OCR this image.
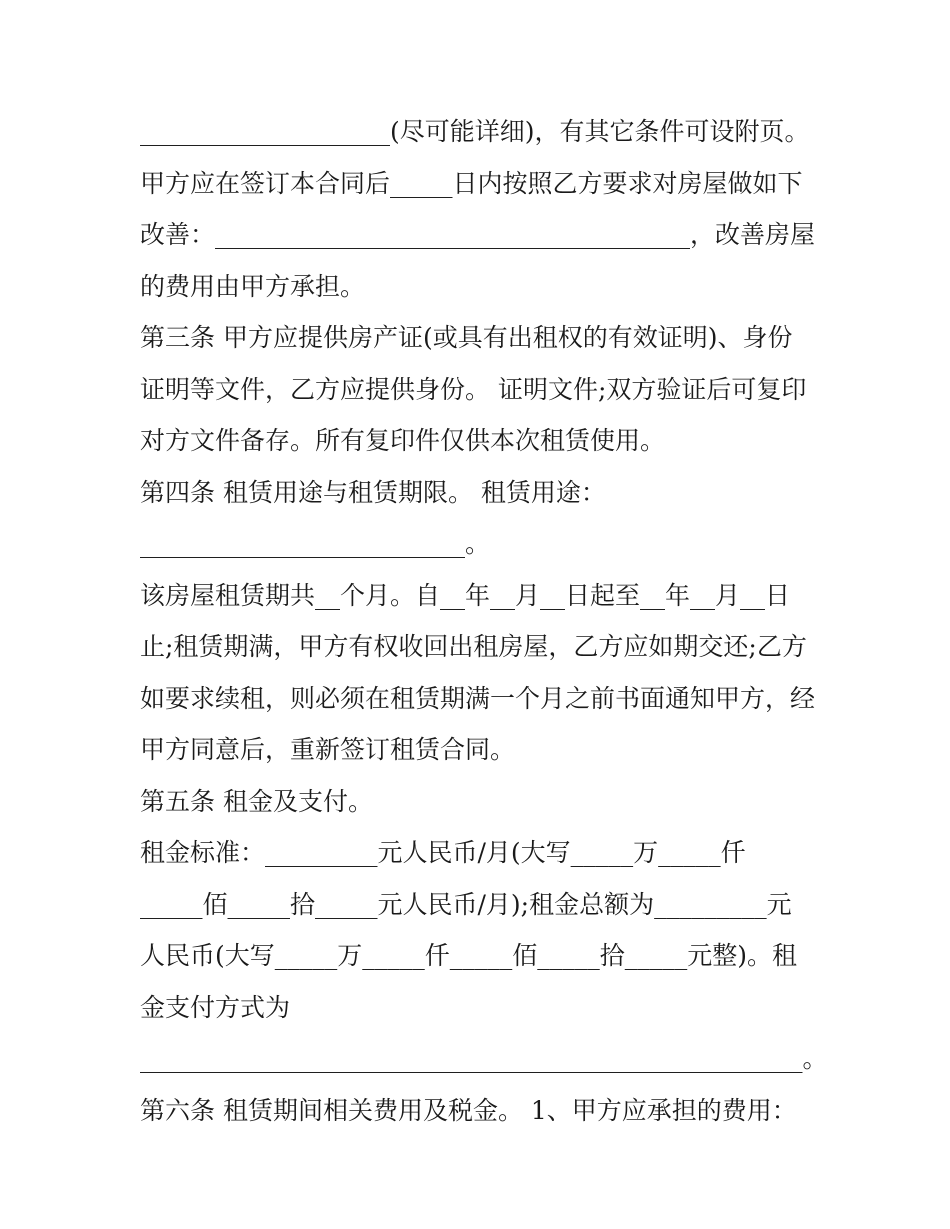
____________________(尽可能详细)，有其它条件可设附页。
甲方应在签订本合同后_____日内按照乙方要求对房屋做如下
改善：______________________________________，改善房屋
的费用由甲方承担。
第三条 甲方应提供房产证(或具有出租权的有效证明)、身份
证明等文件，乙方应提供身份。 证明文件;双方验证后可复印
对方文件备存。所有复印件仅供本次租赁使用。
第四条 租赁用途与租赁期限。 租赁用途：
__________________________。
该房屋租赁期共__个月。自__年__月__日起至__年__月__日
止;租赁期满，甲方有权收回出租房屋，乙方应如期交还;乙方
如要求续租，则必须在租赁期满一个月之前书面通知甲方，经
甲方同意后，重新签订租赁合同。
第五条 租金及支付。
租金标准：_________元人民币/月(大写_____万_____仟
_____佰_____拾_____元人民币/月);租金总额为_________元
人民币(大写_____万_____仟_____佰_____拾_____元整)。租
金支付方式为
_____________________________________________________。
第六条 租赁期间相关费用及税金。 1、甲方应承担的费用：
